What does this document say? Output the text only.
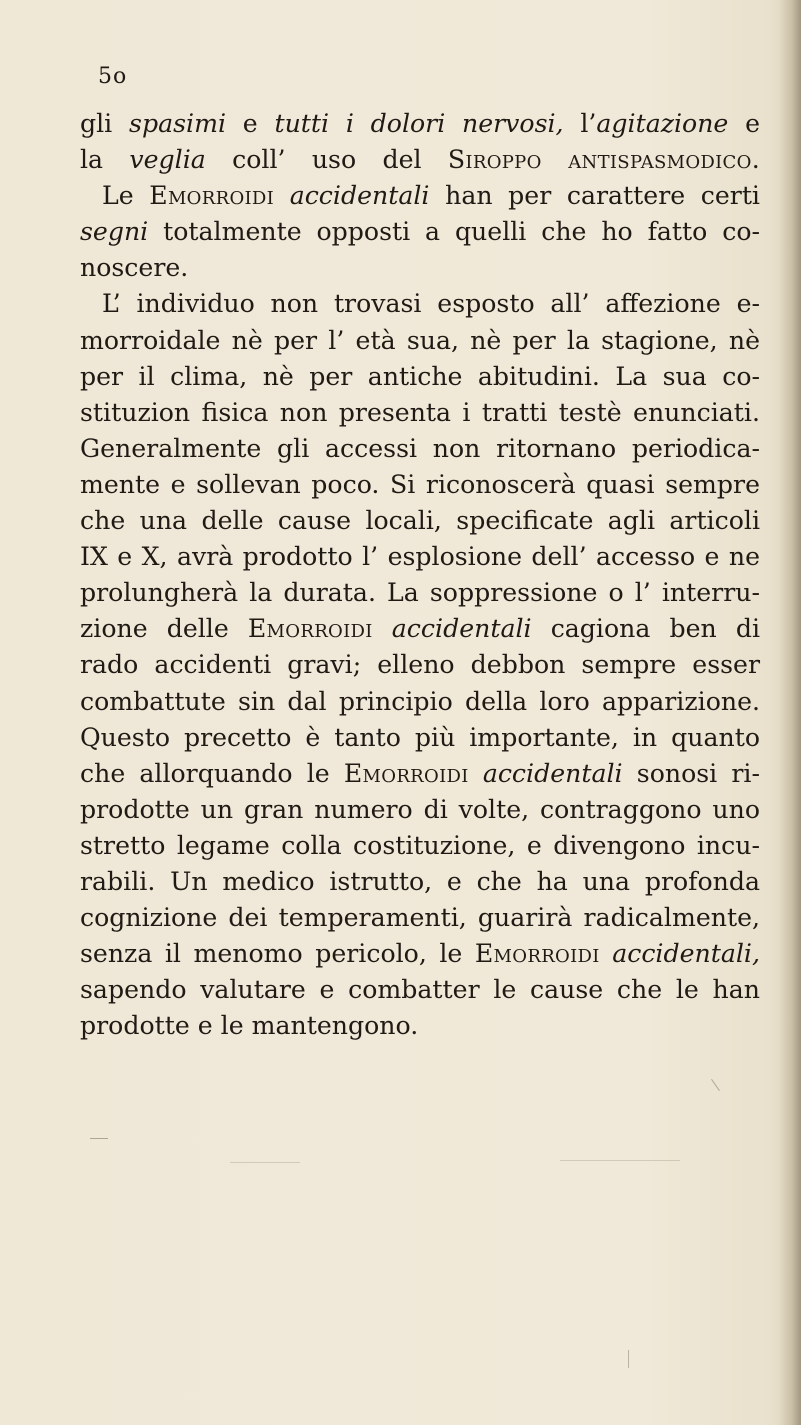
5o
gli spasimi e tutti i dolori nervosi, l’agitazione e
la veglia coll’ uso del Siroppo antispasmodico.
Le Emorroidi accidentali han per carattere certi
segni totalmente opposti a quelli che ho fatto co-
noscere.
L’ individuo non trovasi esposto all’ affezione e-
morroidale nè per l’ età sua, nè per la stagione, nè
per il clima, nè per antiche abitudini. La sua co-
stituzion fisica non presenta i tratti testè enunciati.
Generalmente gli accessi non ritornano periodica-
mente e sollevan poco. Si riconoscerà quasi sempre
che una delle cause locali, specificate agli articoli
IX e X, avrà prodotto l’ esplosione dell’ accesso e ne
prolungherà la durata. La soppressione o l’ interru-
zione delle Emorroidi accidentali cagiona ben di
rado accidenti gravi; elleno debbon sempre esser
combattute sin dal principio della loro apparizione.
Questo precetto è tanto più importante, in quanto
che allorquando le Emorroidi accidentali sonosi ri-
prodotte un gran numero di volte, contraggono uno
stretto legame colla costituzione, e divengono incu-
rabili. Un medico istrutto, e che ha una profonda
cognizione dei temperamenti, guarirà radicalmente,
senza il menomo pericolo, le Emorroidi accidentali,
sapendo valutare e combatter le cause che le han
prodotte e le mantengono.
